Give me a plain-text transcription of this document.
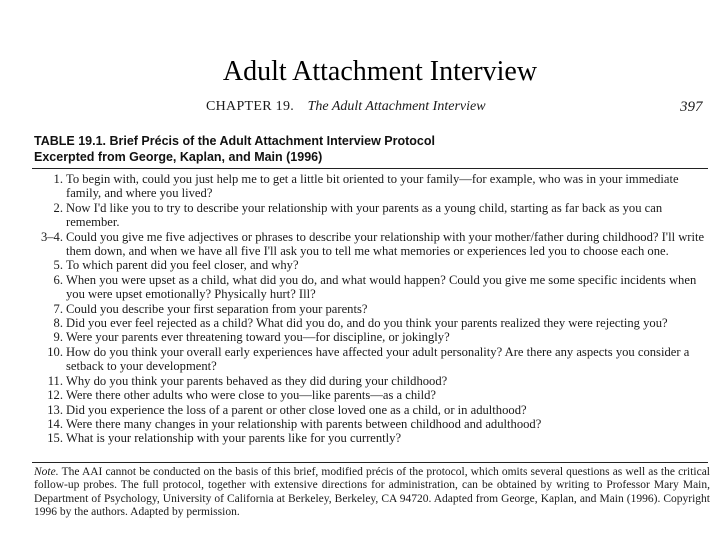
Adult Attachment Interview
CHAPTER 19. The Adult Attachment Interview	397
TABLE 19.1. Brief Précis of the Adult Attachment Interview Protocol
Excerpted from George, Kaplan, and Main (1996)
1. To begin with, could you just help me to get a little bit oriented to your family—for example, who was in your immediate family, and where you lived?
2. Now I'd like you to try to describe your relationship with your parents as a young child, starting as far back as you can remember.
3–4. Could you give me five adjectives or phrases to describe your relationship with your mother/father during childhood? I'll write them down, and when we have all five I'll ask you to tell me what memories or experiences led you to choose each one.
5. To which parent did you feel closer, and why?
6. When you were upset as a child, what did you do, and what would happen? Could you give me some specific incidents when you were upset emotionally? Physically hurt? Ill?
7. Could you describe your first separation from your parents?
8. Did you ever feel rejected as a child? What did you do, and do you think your parents realized they were rejecting you?
9. Were your parents ever threatening toward you—for discipline, or jokingly?
10. How do you think your overall early experiences have affected your adult personality? Are there any aspects you consider a setback to your development?
11. Why do you think your parents behaved as they did during your childhood?
12. Were there other adults who were close to you—like parents—as a child?
13. Did you experience the loss of a parent or other close loved one as a child, or in adulthood?
14. Were there many changes in your relationship with parents between childhood and adulthood?
15. What is your relationship with your parents like for you currently?
Note. The AAI cannot be conducted on the basis of this brief, modified précis of the protocol, which omits several questions as well as the critical follow-up probes. The full protocol, together with extensive directions for administration, can be obtained by writing to Professor Mary Main, Department of Psychology, University of California at Berkeley, Berkeley, CA 94720. Adapted from George, Kaplan, and Main (1996). Copyright 1996 by the authors. Adapted by permission.
